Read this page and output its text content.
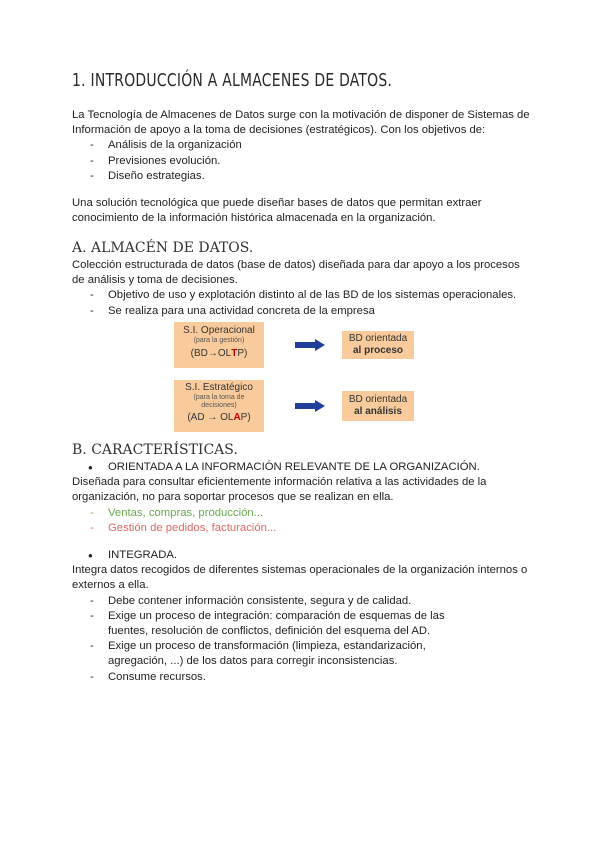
1. INTRODUCCIÓN A ALMACENES DE DATOS.

La Tecnología de Almacenes de Datos surge con la motivación de disponer de Sistemas de Información de apoyo a la toma de decisiones (estratégicos). Con los objetivos de:

- Análisis de la organización
- Previsiones evolución.
- Diseño estrategias.

Una solución tecnológica que puede diseñar bases de datos que permitan extraer conocimiento de la información histórica almacenada en la organización.

A. ALMACÉN DE DATOS.

Colección estructurada de datos (base de datos) diseñada para dar apoyo a los procesos de análisis y toma de decisiones.

- Objetivo de uso y explotación distinto al de las BD de los sistemas operacionales.
- Se realiza para una actividad concreta de la empresa
S.I. Operacional
(para la gestión)
(BD→OLTP)
BD orientada
al proceso
S.I. Estratégico
(para la toma de
decisiones)
(AD → OLAP)
BD orientada
al análisis
B. CARACTERÍSTICAS.
● ORIENTADA A LA INFORMACIÓN RELEVANTE DE LA ORGANIZACIÓN.

Diseñada para consultar eficientemente información relativa a las actividades de la organización, no para soportar procesos que se realizan en ella.

- Ventas, compras, producción...
- Gestión de pedidos, facturación...
● INTEGRADA.

Integra datos recogidos de diferentes sistemas operacionales de la organización internos o externos a ella.

- Debe contener información consistente, segura y de calidad.
- Exige un proceso de integración: comparación de esquemas de las fuentes, resolución de conflictos, definición del esquema del AD.
- Exige un proceso de transformación (limpieza, estandarización, agregación, ...) de los datos para corregir inconsistencias.
- Consume recursos.
